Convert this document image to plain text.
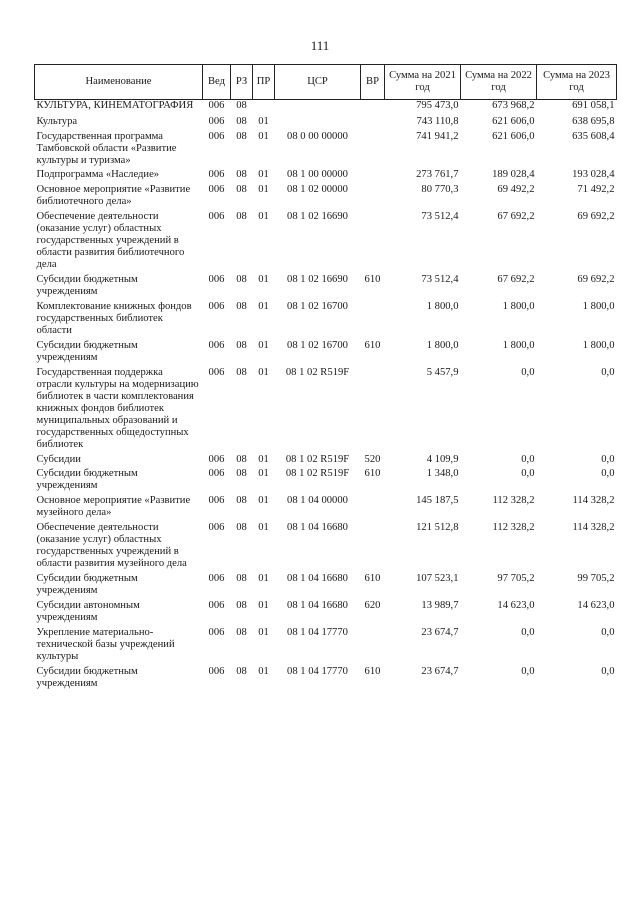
111
Наименование	Вед	РЗ	ПР	ЦСР	ВР	Сумма на 2021 год	Сумма на 2022 год	Сумма на 2023 год
КУЛЬТУРА, КИНЕМАТОГРАФИЯ	006	08				795 473,0	673 968,2	691 058,1

Культура	006	08	01			743 110,8	621 606,0	638 695,8

Государственная программа Тамбовской области «Развитие культуры и туризма»	006	08	01	08 0 00 00000		741 941,2	621 606,0	635 608,4

Подпрограмма «Наследие»	006	08	01	08 1 00 00000		273 761,7	189 028,4	193 028,4

Основное мероприятие «Развитие библиотечного дела»	006	08	01	08 1 02 00000		80 770,3	69 492,2	71 492,2

Обеспечение деятельности (оказание услуг) областных государственных учреждений в области развития библиотечного дела	006	08	01	08 1 02 16690		73 512,4	67 692,2	69 692,2

Субсидии бюджетным учреждениям	006	08	01	08 1 02 16690	610	73 512,4	67 692,2	69 692,2

Комплектование книжных фондов государственных библиотек области	006	08	01	08 1 02 16700		1 800,0	1 800,0	1 800,0

Субсидии бюджетным учреждениям	006	08	01	08 1 02 16700	610	1 800,0	1 800,0	1 800,0

Государственная поддержка отрасли культуры на модернизацию библиотек в части комплектования книжных фондов библиотек муниципальных образований и государственных общедоступных библиотек	006	08	01	08 1 02 R519F		5 457,9	0,0	0,0

Субсидии	006	08	01	08 1 02 R519F	520	4 109,9	0,0	0,0

Субсидии бюджетным учреждениям	006	08	01	08 1 02 R519F	610	1 348,0	0,0	0,0

Основное мероприятие «Развитие музейного дела»	006	08	01	08 1 04 00000		145 187,5	112 328,2	114 328,2

Обеспечение деятельности (оказание услуг) областных государственных учреждений в области развития музейного дела	006	08	01	08 1 04 16680		121 512,8	112 328,2	114 328,2

Субсидии бюджетным учреждениям	006	08	01	08 1 04 16680	610	107 523,1	97 705,2	99 705,2

Субсидии автономным учреждениям	006	08	01	08 1 04 16680	620	13 989,7	14 623,0	14 623,0

Укрепление материально-технической базы учреждений культуры	006	08	01	08 1 04 17770		23 674,7	0,0	0,0

Субсидии бюджетным учреждениям	006	08	01	08 1 04 17770	610	23 674,7	0,0	0,0
